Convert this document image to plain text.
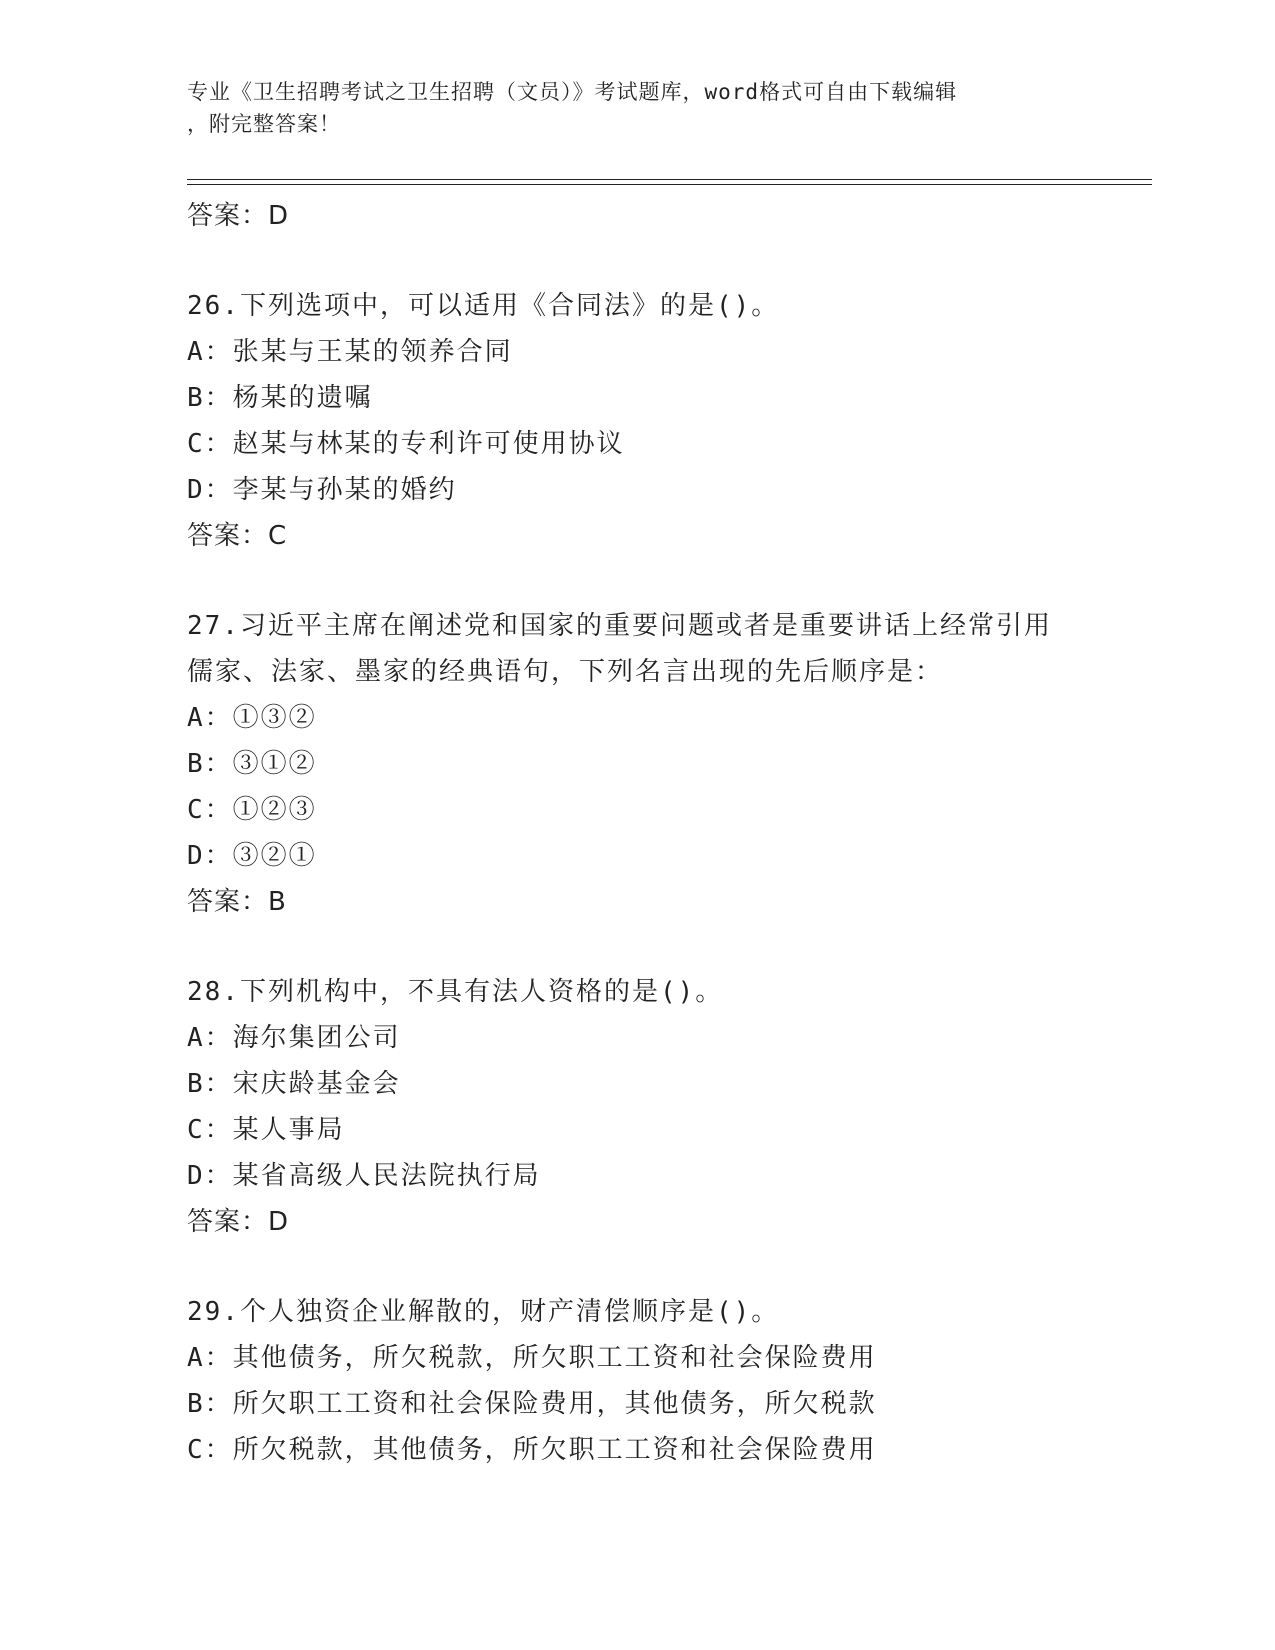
专业《卫生招聘考试之卫生招聘（文员）》考试题库，word格式可自由下载编辑
，附完整答案！
答案：D
26.下列选项中，可以适用《合同法》的是()。
A：张某与王某的领养合同
B：杨某的遗嘱
C：赵某与林某的专利许可使用协议
D：李某与孙某的婚约
答案：C
27.习近平主席在阐述党和国家的重要问题或者是重要讲话上经常引用
儒家、法家、墨家的经典语句，下列名言出现的先后顺序是：
A：①③②
B：③①②
C：①②③
D：③②①
答案：B
28.下列机构中，不具有法人资格的是()。
A：海尔集团公司
B：宋庆龄基金会
C：某人事局
D：某省高级人民法院执行局
答案：D
29.个人独资企业解散的，财产清偿顺序是()。
A：其他债务，所欠税款，所欠职工工资和社会保险费用
B：所欠职工工资和社会保险费用，其他债务，所欠税款
C：所欠税款，其他债务，所欠职工工资和社会保险费用
